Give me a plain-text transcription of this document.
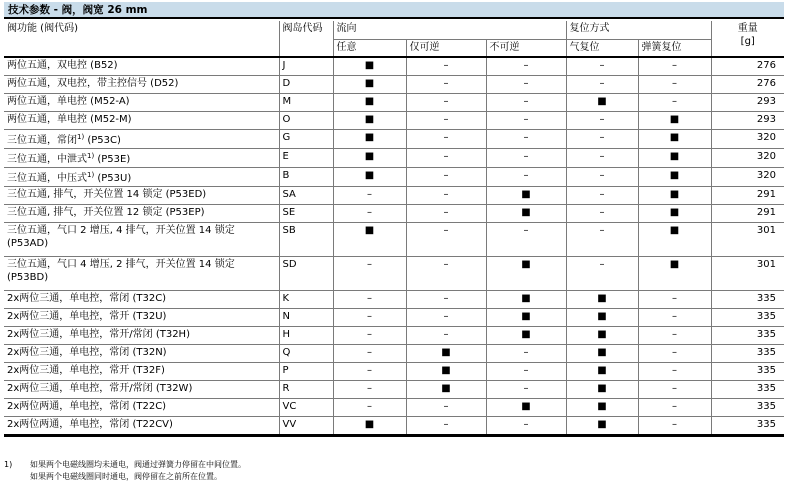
技术参数 - 阀，阀宽 26 mm
阀功能 (阀代码)	阀岛代码	流向			复位方式		重量
[g]

		任意	仅可逆	不可逆	气复位	弹簧复位	
两位五通，双电控 (B52)	J	■	–	–	–	–	276
两位五通，双电控，带主控信号 (D52)	D	■	–	–	–	–	276
两位五通，单电控 (M52-A)	M	■	–	–	■	–	293
两位五通，单电控 (M52-M)	O	■	–	–	–	■	293
三位五通，常闭$^{1)}$ (P53C)	G	■	–	–	–	■	320
三位五通，中泄式$^{1)}$ (P53E)	E	■	–	–	–	■	320
三位五通，中压式$^{1)}$ (P53U)	B	■	–	–	–	■	320
三位五通, 排气，开关位置 14 锁定 (P53ED)	SA	–	–	■	–	■	291
三位五通, 排气，开关位置 12 锁定 (P53EP)	SE	–	–	■	–	■	291
三位五通，气口 2 增压, 4 排气，开关位置 14 锁定 (P53AD)	SB	■	–	–	–	■	301
三位五通，气口 4 增压, 2 排气，开关位置 14 锁定 (P53BD)	SD	–	–	■	–	■	301
2x两位三通，单电控，常闭 (T32C)	K	–	–	■	■	–	335
2x两位三通，单电控，常开 (T32U)	N	–	–	■	■	–	335
2x两位三通，单电控，常开/常闭 (T32H)	H	–	–	■	■	–	335
2x两位三通，单电控，常闭 (T32N)	Q	–	■	–	■	–	335
2x两位三通，单电控，常开 (T32F)	P	–	■	–	■	–	335
2x两位三通，单电控，常开/常闭 (T32W)	R	–	■	–	■	–	335
2x两位两通，单电控，常闭 (T22C)	VC	–	–	■	■	–	335
2x两位两通，单电控，常闭 (T22CV)	VV	■	–	–	■	–	335
1) 如果两个电磁线圈均未通电，阀通过弹簧力停留在中间位置。
如果两个电磁线圈同时通电，阀停留在之前所在位置。
